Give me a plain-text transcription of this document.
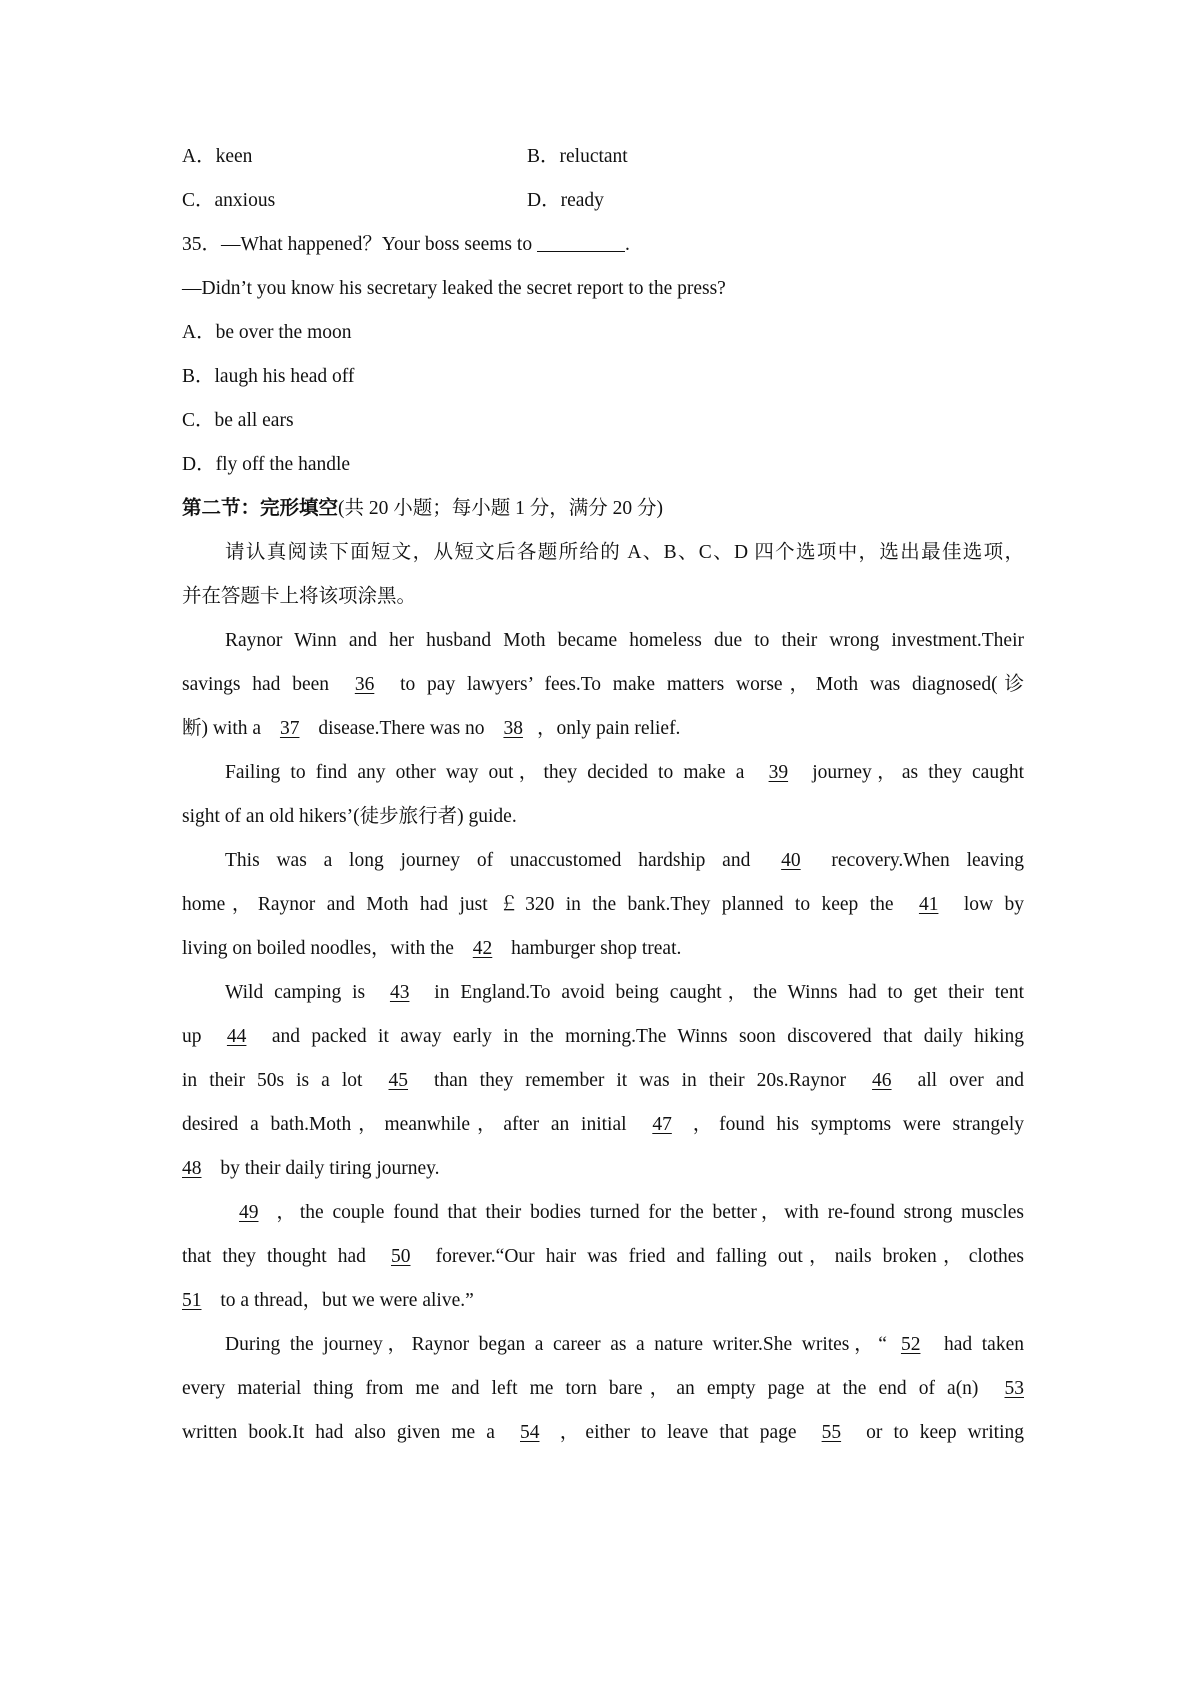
A．keen	B．reluctant
C．anxious	D．ready
35．—What happened？Your boss seems to	.
—Didn’t you know his secretary leaked the secret report to the press?
A．be over the moon
B．laugh his head off
C．be all ears
D．fly off the handle
第二节：完形填空(共 20 小题；每小题 1 分，满分 20 分)
请认真阅读下面短文，从短文后各题所给的 A、B、C、D 四个选项中，选出最佳选项，
并在答题卡上将该项涂黑。
Raynor Winn and her husband Moth became homeless due to their wrong investment.Their
savings had been 36 to pay lawyers’ fees.To make matters worse，Moth was diagnosed(诊
断) with a 37 disease.There was no 38 ，only pain relief.
Failing to find any other way out，they decided to make a 39 journey，as they caught
sight of an old hikers’(徒步旅行者) guide.
This was a long journey of unaccustomed hardship and 40 recovery.When leaving
home，Raynor and Moth had just ￡320 in the bank.They planned to keep the 41 low by
living on boiled noodles，with the 42 hamburger shop treat.
Wild camping is 43 in England.To avoid being caught，the Winns had to get their tent
up 44 and packed it away early in the morning.The Winns soon discovered that daily hiking
in their 50s is a lot 45 than they remember it was in their 20s.Raynor 46 all over and
desired a bath.Moth，meanwhile，after an initial 47 ，found his symptoms were strangely
48 by their daily tiring journey.
49 ，the couple found that their bodies turned for the better，with re-found strong muscles
that they thought had 50 forever.“Our hair was fried and falling out，nails broken，clothes
51 to a thread，but we were alive.”
During the journey，Raynor began a career as a nature writer.She writes，“ 52 had taken
every material thing from me and left me torn bare，an empty page at the end of a(n) 53
written book.It had also given me a 54 ，either to leave that page 55 or to keep writing
